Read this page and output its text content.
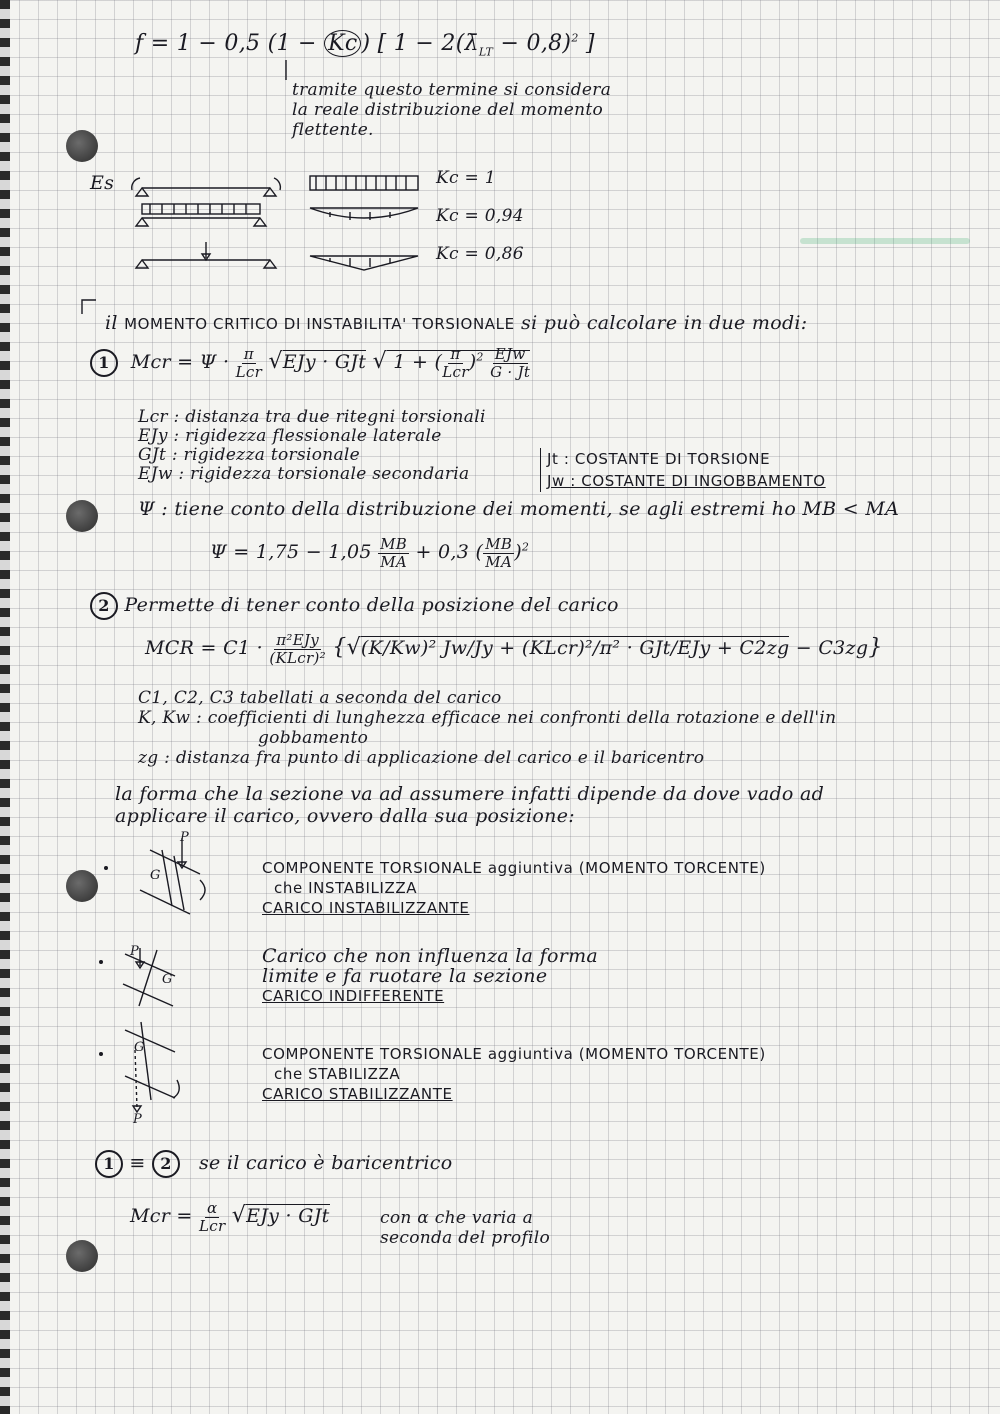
f = 1 − 0,5 (1 − Kc ) [ $1 - 2(\lambdā_{LT} - 0,8)^2$ ]
tramite questo termine si considera
la reale distribuzione del momento
flettente.
Es	Kc = 1
Kc = 0,94
Kc = 0,86
il MOMENTO CRITICO DI INSTABILITA' TORSIONALE si può calcolare in due modi:
1 Mcr = $\Psi \cdot \frac{\pi}{\text{Lcr}} √EJy$ · GJt √ 1 + ( $\frac{\pi}{\text{Lcr}} )^2 \frac{\text{EJw}}{G \cdot Jt}$
Lcr : distanza tra due ritegni torsionali
EJy : rigidezza flessionale laterale
GJt : rigidezza torsionale
EJw : rigidezza torsionale secondaria
Jt : COSTANTE DI TORSIONE
Jw : COSTANTE DI INGOBBAMENTO
Ψ : tiene conto della distribuzione dei momenti, se agli estremi ho MB < MA
$\Psi = 1,75 - 1,05 \frac{MB}{MA} + 0,3$ ( $\frac{MB}{MA} )^2$
2 Permette di tener conto della posizione del carico
MCR = $C1 \cdot \frac{\text{π²EJy}}{\text{(KLcr)²}} \{√(K/Kw)^2$ Jw/Jy + (KLcr)²/π² · GJt/EJy + C2zg − C3zg}
C1, C2, C3 tabellati a seconda del carico
K, Kw : coefficienti di lunghezza efficace nei confronti della rotazione e dell'in
gobbamento
zg : distanza fra punto di applicazione del carico e il baricentro
la forma che la sezione va ad assumere infatti dipende da dove vado ad
applicare il carico, ovvero dalla sua posizione:
P
G	COMPONENTE TORSIONALE aggiuntiva (MOMENTO TORCENTE)
che INSTABILIZZA
CARICO INSTABILIZZANTE
P
G
Carico che non influenza la forma
limite e fa ruotare la sezione
CARICO INDIFFERENTE
G
P
COMPONENTE TORSIONALE aggiuntiva (MOMENTO TORCENTE)
che STABILIZZA
CARICO STABILIZZANTE
1 ≡ 2 se il carico è baricentrico
Mcr = $\frac{\alpha}{\text{Lcr}} √EJy$ · GJt	con α che varia a
seconda del profilo
